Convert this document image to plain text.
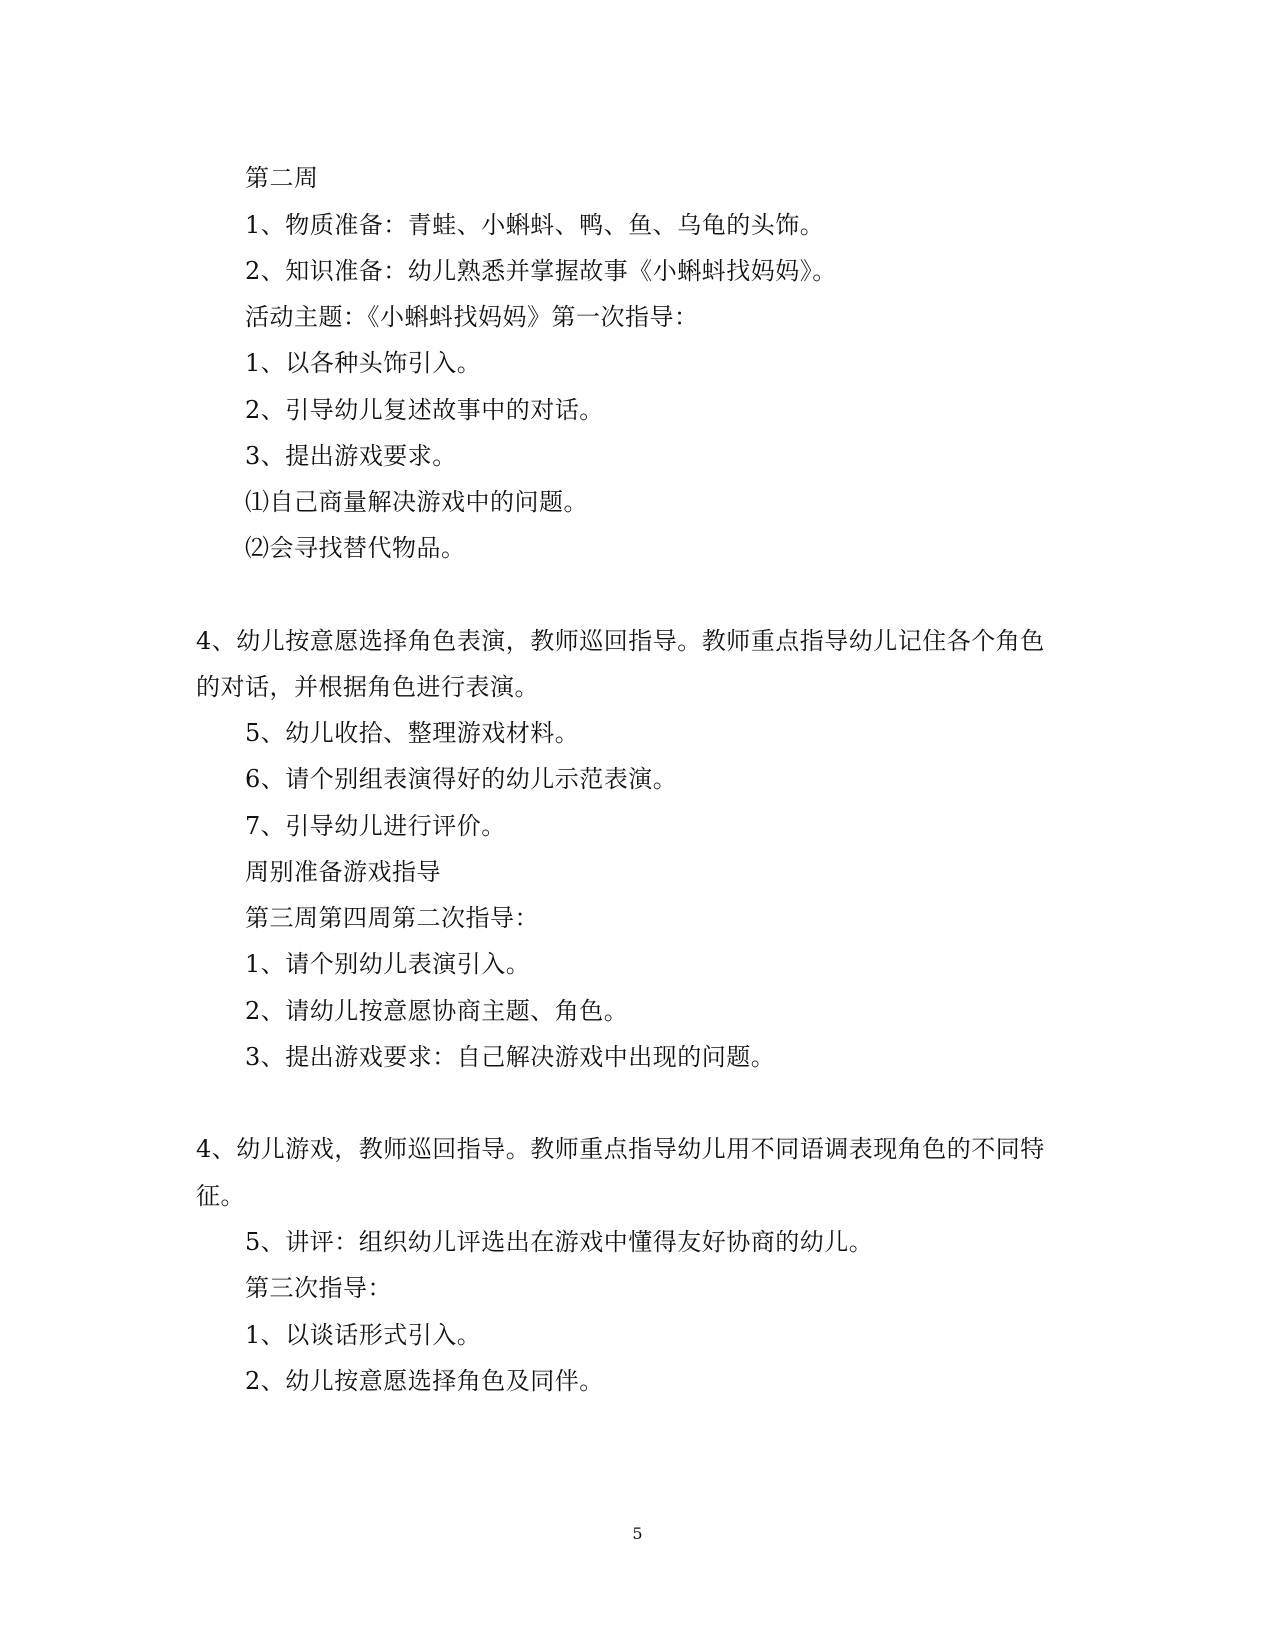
第二周
1、物质准备：青蛙、小蝌蚪、鸭、鱼、乌龟的头饰。
2、知识准备：幼儿熟悉并掌握故事《小蝌蚪找妈妈》。
活动主题：《小蝌蚪找妈妈》第一次指导：
1、以各种头饰引入。
2、引导幼儿复述故事中的对话。
3、提出游戏要求。
⑴自己商量解决游戏中的问题。
⑵会寻找替代物品。
4、幼儿按意愿选择角色表演，教师巡回指导。教师重点指导幼儿记住各个角色
的对话，并根据角色进行表演。
5、幼儿收拾、整理游戏材料。
6、请个别组表演得好的幼儿示范表演。
7、引导幼儿进行评价。
周别准备游戏指导
第三周第四周第二次指导：
1、请个别幼儿表演引入。
2、请幼儿按意愿协商主题、角色。
3、提出游戏要求：自己解决游戏中出现的问题。
4、幼儿游戏，教师巡回指导。教师重点指导幼儿用不同语调表现角色的不同特
征。
5、讲评：组织幼儿评选出在游戏中懂得友好协商的幼儿。
第三次指导：
1、以谈话形式引入。
2、幼儿按意愿选择角色及同伴。
5
